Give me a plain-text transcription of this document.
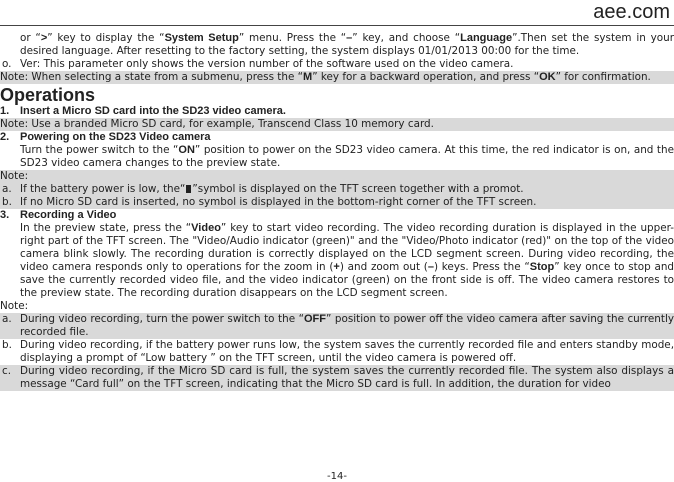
aee.com
or “>” key to display the “System Setup” menu. Press the “–” key, and choose “Language”.Then set the system in your desired language. After resetting to the factory setting, the system displays 01/01/2013 00:00 for the time.
o. Ver: This parameter only shows the version number of the software used on the video camera.
Note: When selecting a state from a submenu, press the “M” key for a backward operation, and press “OK” for confirmation.
Operations
1. Insert a Micro SD card into the SD23 video camera.
Note: Use a branded Micro SD card, for example, Transcend Class 10 memory card.
2. Powering on the SD23 Video camera
Turn the power switch to the “ON” position to power on the SD23 video camera. At this time, the red indicator is on, and the SD23 video camera changes to the preview state.
Note:
a. If the battery power is low, the“ ”symbol is displayed on the TFT screen together with a promot.
b. If no Micro SD card is inserted, no symbol is displayed in the bottom-right corner of the TFT screen.
3. Recording a Video
In the preview state, press the “Video” key to start video recording. The video recording duration is displayed in the upper-right part of the TFT screen. The "Video/Audio indicator (green)" and the "Video/Photo indicator (red)" on the top of the video camera blink slowly. The recording duration is correctly displayed on the LCD segment screen. During video recording, the video camera responds only to operations for the zoom in (+) and zoom out (–) keys. Press the “Stop” key once to stop and save the currently recorded video file, and the video indicator (green) on the front side is off. The video camera restores to the preview state. The recording duration disappears on the LCD segment screen.
Note:
a. During video recording, turn the power switch to the “OFF” position to power off the video camera after saving the currently recorded file.
b. During video recording, if the battery power runs low, the system saves the currently recorded file and enters standby mode, displaying a prompt of “Low battery ” on the TFT screen, until the video camera is powered off.
c. During video recording, if the Micro SD card is full, the system saves the currently recorded file. The system also displays a message “Card full” on the TFT screen, indicating that the Micro SD card is full. In addition, the duration for video
-14-
